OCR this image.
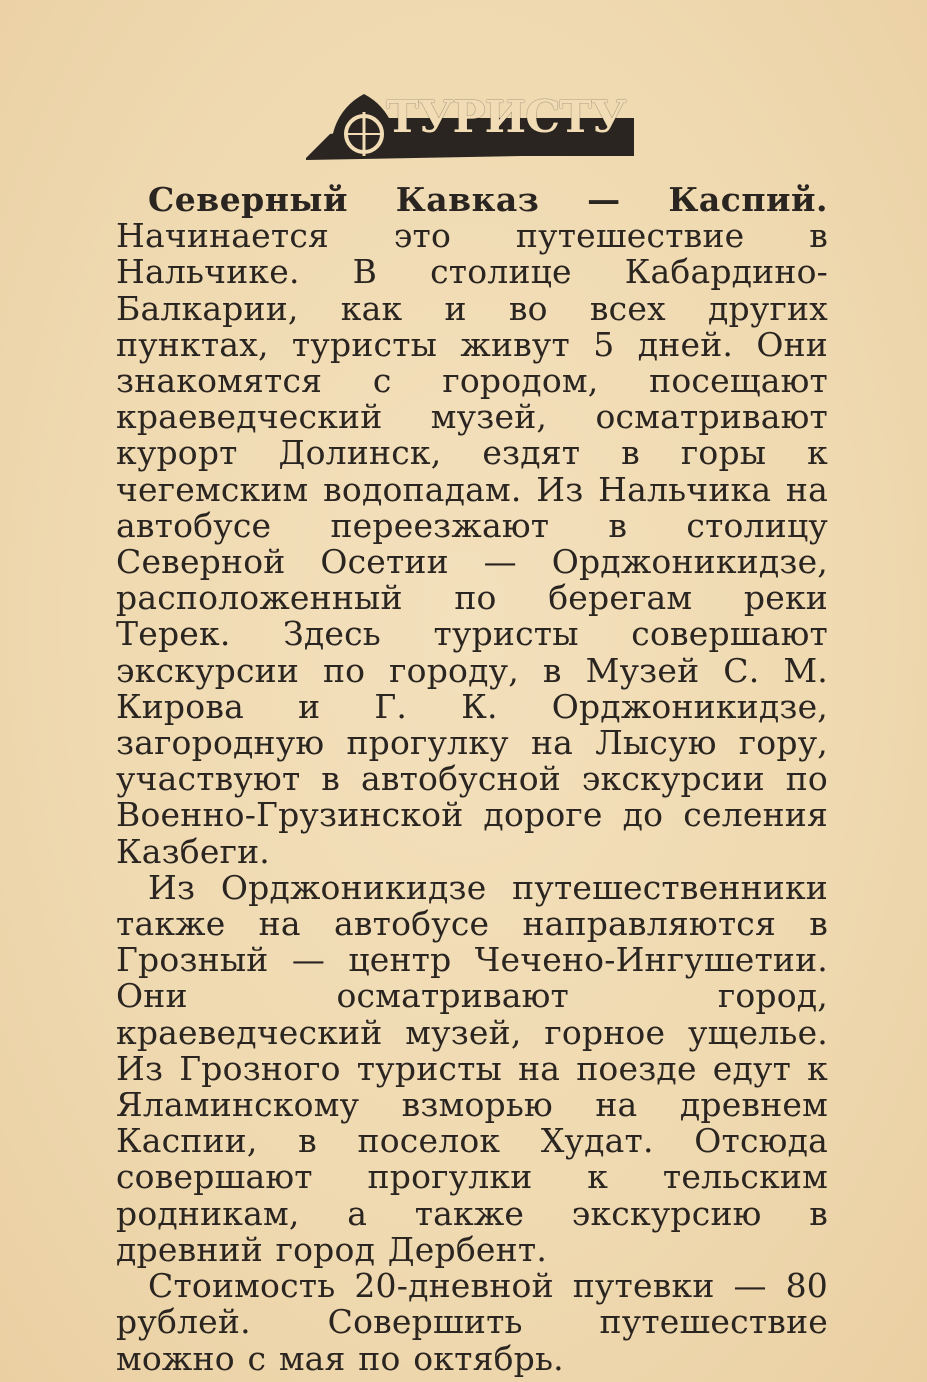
ТУРИСТУ

Северный Кавказ — Каспий. Начинается это путешествие в Нальчике. В столице Кабардино-Балкарии, как и во всех других пунктах, туристы живут 5 дней. Они знакомятся с городом, посещают краеведческий музей, осматривают курорт Долинск, ездят в горы к чегемским водопадам. Из Нальчика на автобусе переезжают в столицу Северной Осетии — Орджоникидзе, расположенный по берегам реки Терек. Здесь туристы совершают экскурсии по городу, в Музей С. М. Кирова и Г. К. Орджоникидзе, загородную прогулку на Лысую гору, участвуют в автобусной экскурсии по Военно-Грузинской дороге до селения Казбеги.

Из Орджоникидзе путешественники также на автобусе направляются в Грозный — центр Чечено-Ингушетии. Они осматривают город, краеведческий музей, горное ущелье. Из Грозного туристы на поезде едут к Яламинскому взморью на древнем Каспии, в поселок Худат. Отсюда совершают прогулки к тельским родникам, а также экскурсию в древний город Дербент.

Стоимость 20-дневной путевки — 80 рублей. Совершить путешествие можно с мая по октябрь.
